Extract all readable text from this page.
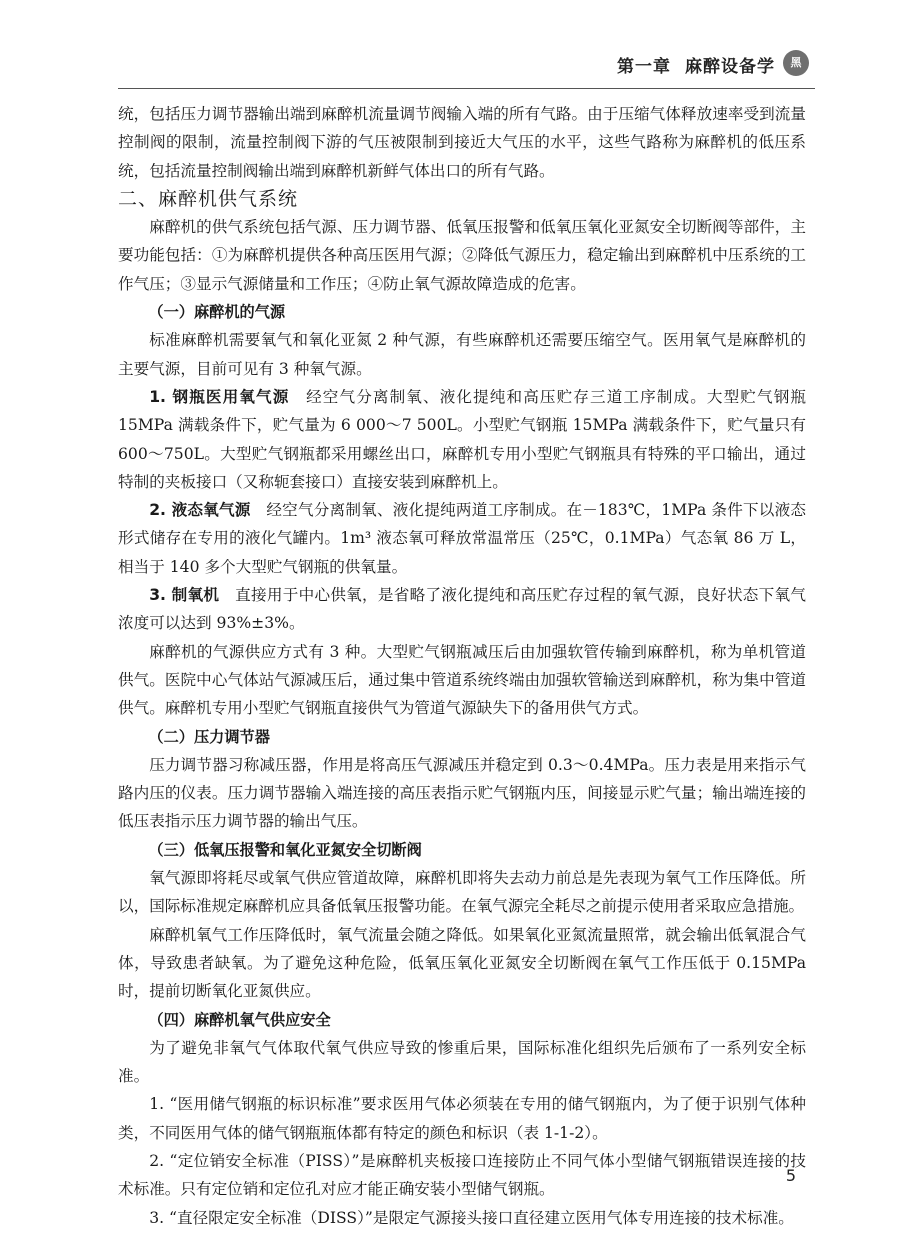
第一章 麻醉设备学	黑

统，包括压力调节器输出端到麻醉机流量调节阀输入端的所有气路。由于压缩气体释放速率受到流量控制阀的限制，流量控制阀下游的气压被限制到接近大气压的水平，这些气路称为麻醉机的低压系统，包括流量控制阀输出端到麻醉机新鲜气体出口的所有气路。

二、麻醉机供气系统

麻醉机的供气系统包括气源、压力调节器、低氧压报警和低氧压氧化亚氮安全切断阀等部件，主要功能包括：①为麻醉机提供各种高压医用气源；②降低气源压力，稳定输出到麻醉机中压系统的工作气压；③显示气源储量和工作压；④防止氧气源故障造成的危害。

（一）麻醉机的气源

标准麻醉机需要氧气和氧化亚氮 2 种气源，有些麻醉机还需要压缩空气。医用氧气是麻醉机的主要气源，目前可见有 3 种氧气源。

1. 钢瓶医用氧气源 经空气分离制氧、液化提纯和高压贮存三道工序制成。大型贮气钢瓶 15MPa 满载条件下，贮气量为 6 000～7 500L。小型贮气钢瓶 15MPa 满载条件下，贮气量只有 600～750L。大型贮气钢瓶都采用螺丝出口，麻醉机专用小型贮气钢瓶具有特殊的平口输出，通过特制的夹板接口（又称轭套接口）直接安装到麻醉机上。

2. 液态氧气源 经空气分离制氧、液化提纯两道工序制成。在－183℃，1MPa 条件下以液态形式储存在专用的液化气罐内。1m³ 液态氧可释放常温常压（25℃，0.1MPa）气态氧 86 万 L，相当于 140 多个大型贮气钢瓶的供氧量。

3. 制氧机 直接用于中心供氧，是省略了液化提纯和高压贮存过程的氧气源，良好状态下氧气浓度可以达到 93%±3%。

麻醉机的气源供应方式有 3 种。大型贮气钢瓶减压后由加强软管传输到麻醉机，称为单机管道供气。医院中心气体站气源减压后，通过集中管道系统终端由加强软管输送到麻醉机，称为集中管道供气。麻醉机专用小型贮气钢瓶直接供气为管道气源缺失下的备用供气方式。

（二）压力调节器

压力调节器习称减压器，作用是将高压气源减压并稳定到 0.3～0.4MPa。压力表是用来指示气路内压的仪表。压力调节器输入端连接的高压表指示贮气钢瓶内压，间接显示贮气量；输出端连接的低压表指示压力调节器的输出气压。

（三）低氧压报警和氧化亚氮安全切断阀

氧气源即将耗尽或氧气供应管道故障，麻醉机即将失去动力前总是先表现为氧气工作压降低。所以，国际标准规定麻醉机应具备低氧压报警功能。在氧气源完全耗尽之前提示使用者采取应急措施。

麻醉机氧气工作压降低时，氧气流量会随之降低。如果氧化亚氮流量照常，就会输出低氧混合气体，导致患者缺氧。为了避免这种危险，低氧压氧化亚氮安全切断阀在氧气工作压低于 0.15MPa 时，提前切断氧化亚氮供应。

（四）麻醉机氧气供应安全

为了避免非氧气气体取代氧气供应导致的惨重后果，国际标准化组织先后颁布了一系列安全标准。

1. “医用储气钢瓶的标识标准”要求医用气体必须装在专用的储气钢瓶内，为了便于识别气体种类，不同医用气体的储气钢瓶瓶体都有特定的颜色和标识（表 1-1-2）。

2. “定位销安全标准（PISS）”是麻醉机夹板接口连接防止不同气体小型储气钢瓶错误连接的技术标准。只有定位销和定位孔对应才能正确安装小型储气钢瓶。

3. “直径限定安全标准（DISS）”是限定气源接头接口直径建立医用气体专用连接的技术标准。

5
